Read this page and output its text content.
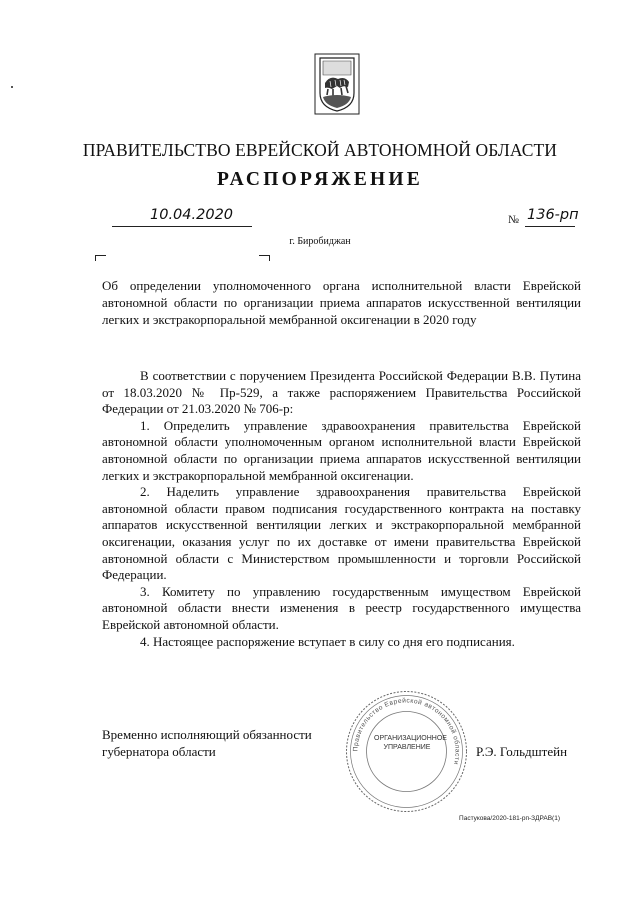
ПРАВИТЕЛЬСТВО ЕВРЕЙСКОЙ АВТОНОМНОЙ ОБЛАСТИ
РАСПОРЯЖЕНИЕ
10.04.2020	№ 136-рп
г. Биробиджан
Об определении уполномоченного органа исполнительной власти Еврейской автономной области по организации приема аппаратов искусственной вентиляции легких и экстракорпоральной мембранной оксигенации в 2020 году

В соответствии с поручением Президента Российской Федерации В.В. Путина от 18.03.2020 № Пр-529, а также распоряжением Правительства Российской Федерации от 21.03.2020 № 706-р:

1. Определить управление здравоохранения правительства Еврейской автономной области уполномоченным органом исполнительной власти Еврейской автономной области по организации приема аппаратов искусственной вентиляции легких и экстракорпоральной мембранной оксигенации.

2. Наделить управление здравоохранения правительства Еврейской автономной области правом подписания государственного контракта на поставку аппаратов искусственной вентиляции легких и экстракорпоральной мембранной оксигенации, оказания услуг по их доставке от имени правительства Еврейской автономной области с Министерством промышленности и торговли Российской Федерации.

3. Комитету по управлению государственным имуществом Еврейской автономной области внести изменения в реестр государственного имущества Еврейской автономной области.

4. Настоящее распоряжение вступает в силу со дня его подписания.

Временно исполняющий обязанности
губернатора области	Правительство Еврейской автономной области
ОРГАНИЗАЦИОННОЕ
УПРАВЛЕНИЕ	Р.Э. Гольдштейн
Пастукова/2020-181-рп-ЗДРАВ(1)
